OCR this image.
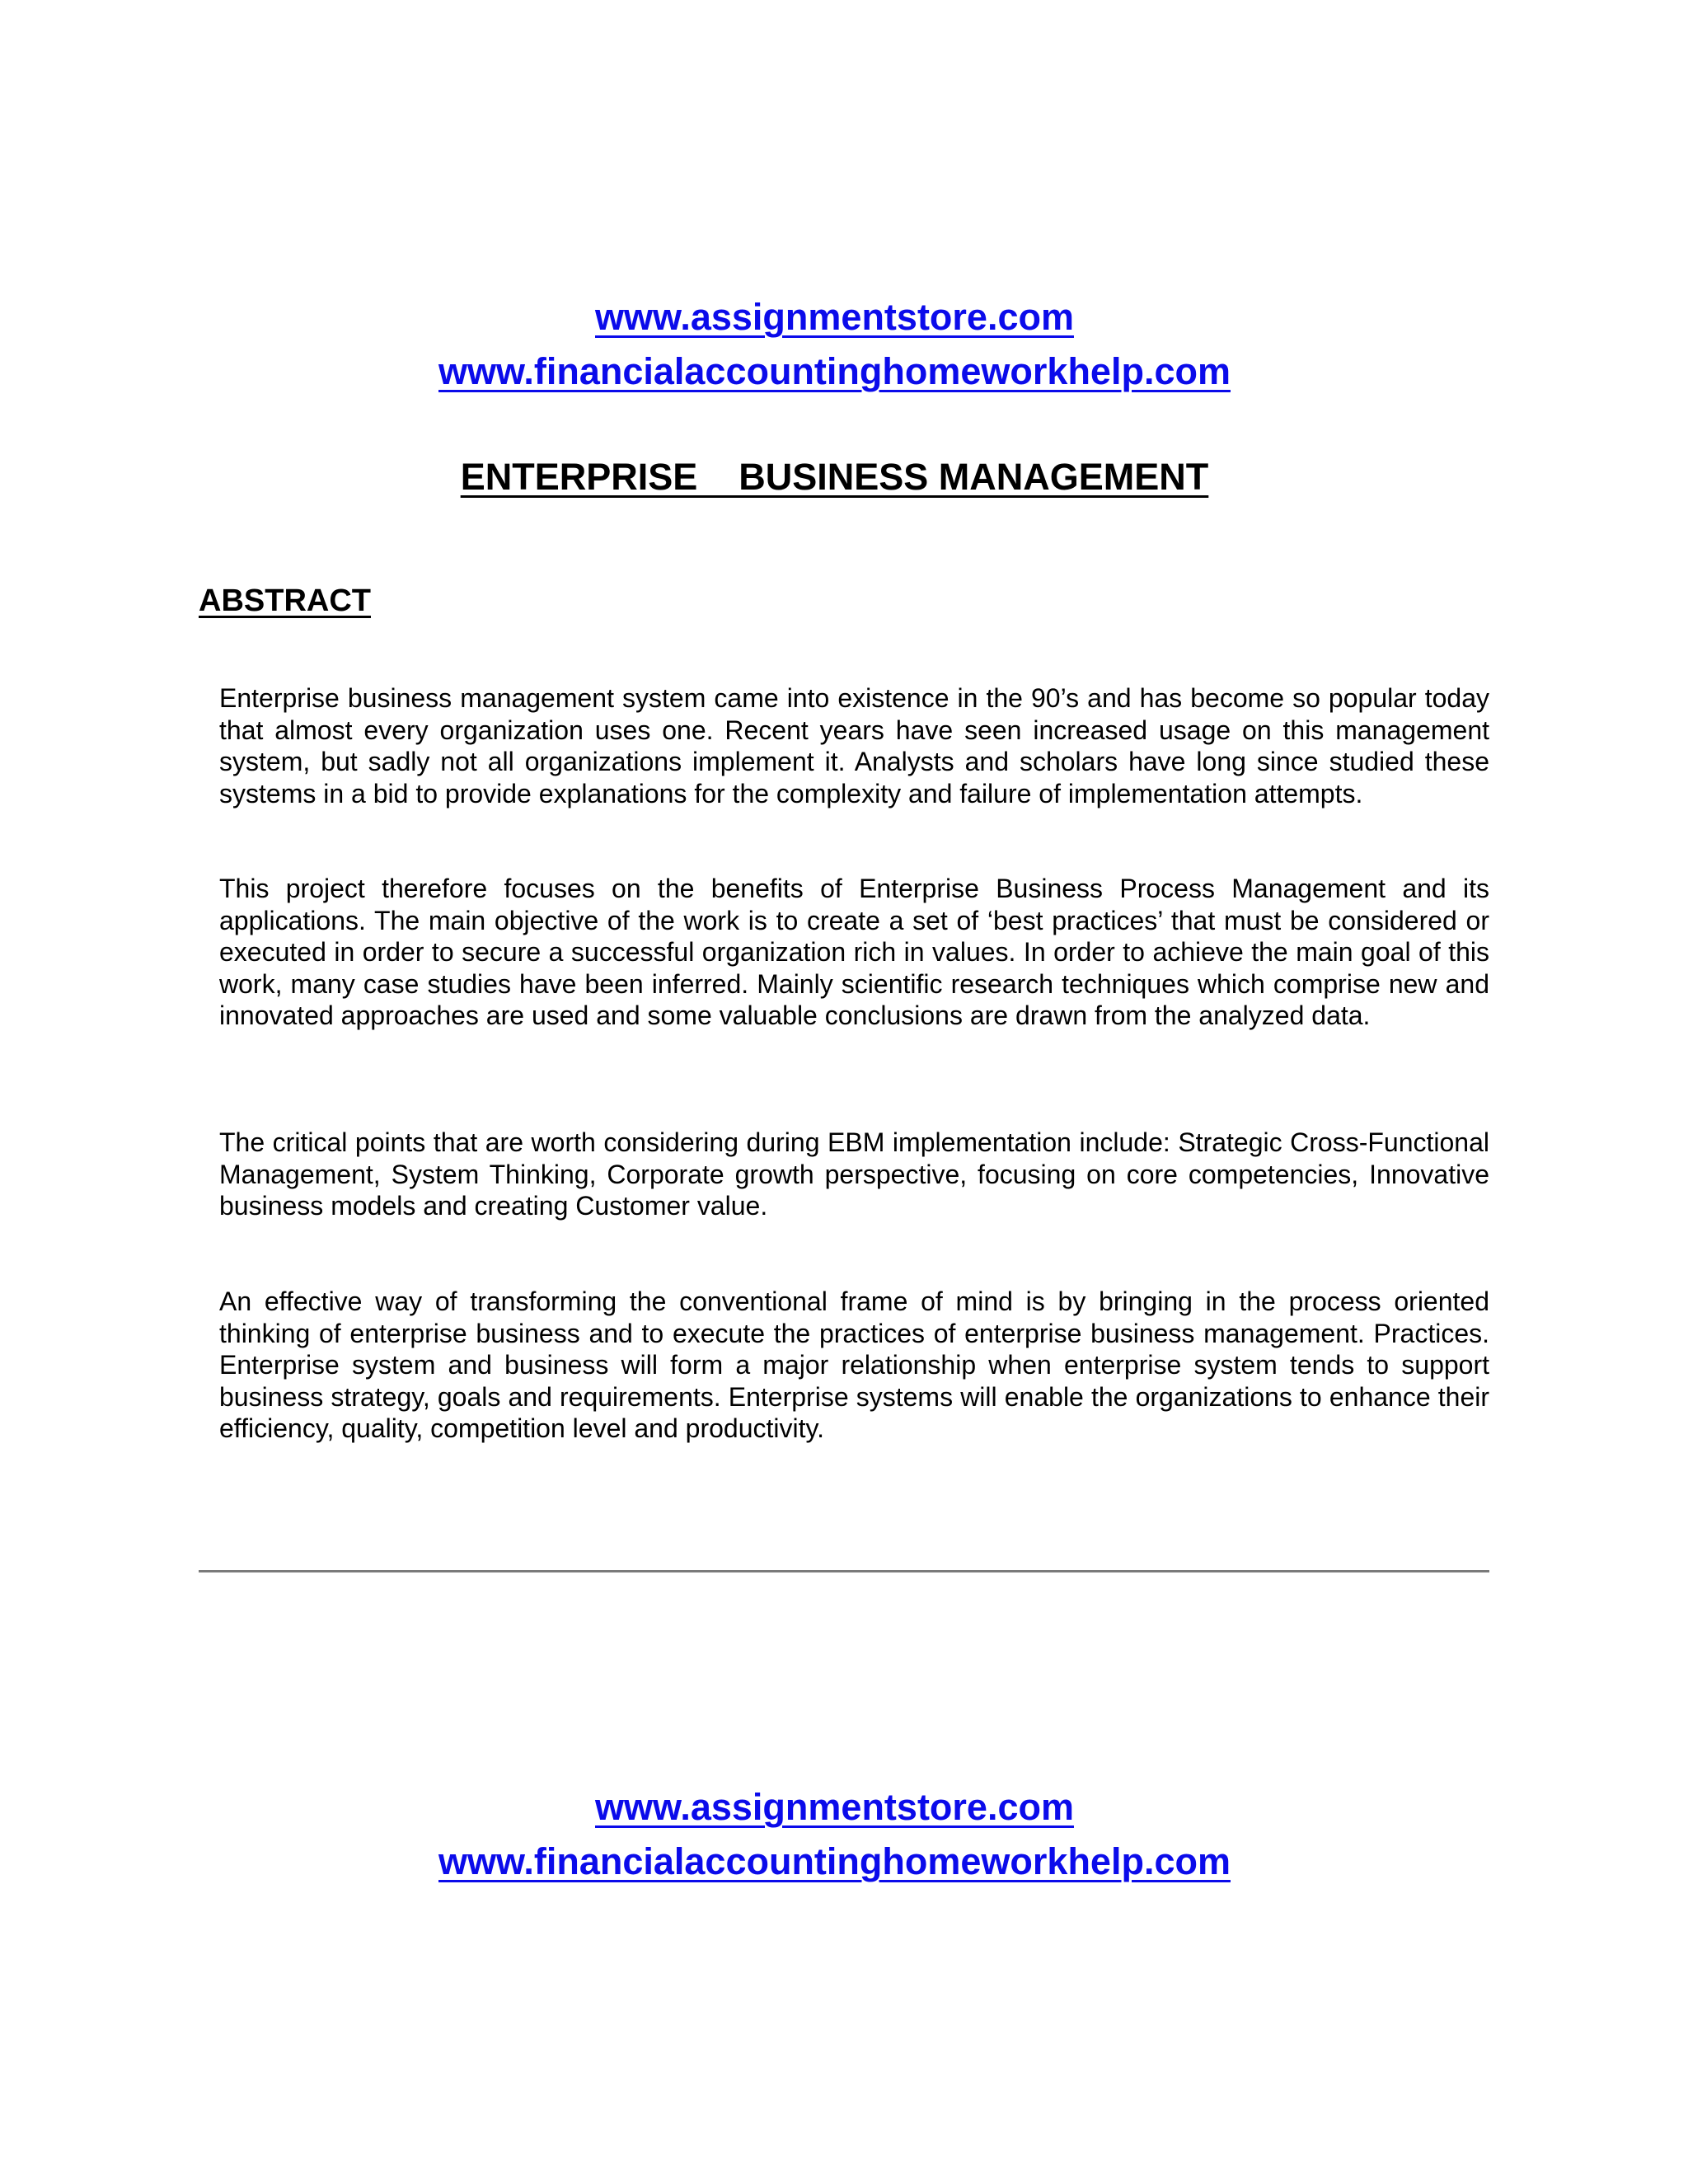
www.assignmentstore.com
www.financialaccountinghomeworkhelp.com
ENTERPRISE    BUSINESS MANAGEMENT
ABSTRACT

Enterprise business management system came into existence in the 90’s and has become so popular today that almost every organization uses one. Recent years have seen increased usage on this management system, but sadly not all organizations implement it. Analysts and scholars have long since studied these systems in a bid to provide explanations for the complexity and failure of implementation attempts.

This project therefore focuses on the benefits of Enterprise Business Process Management and its applications. The main objective of the work is to create a set of ‘best practices’ that must be considered or executed in order to secure a successful organization rich in values. In order to achieve the main goal of this work, many case studies have been inferred. Mainly scientific research techniques which comprise new and innovated approaches are used and some valuable conclusions are drawn from the analyzed data.

The critical points that are worth considering during EBM implementation include: Strategic Cross-Functional Management, System Thinking, Corporate growth perspective, focusing on core competencies, Innovative business models and creating Customer value.

An effective way of transforming the conventional frame of mind is by bringing in the process oriented thinking of enterprise business and to execute the practices of enterprise business management. Practices. Enterprise system and business will form a major relationship when enterprise system tends to support business strategy, goals and requirements. Enterprise systems will enable the organizations to enhance their efficiency, quality, competition level and productivity.

www.assignmentstore.com
www.financialaccountinghomeworkhelp.com
